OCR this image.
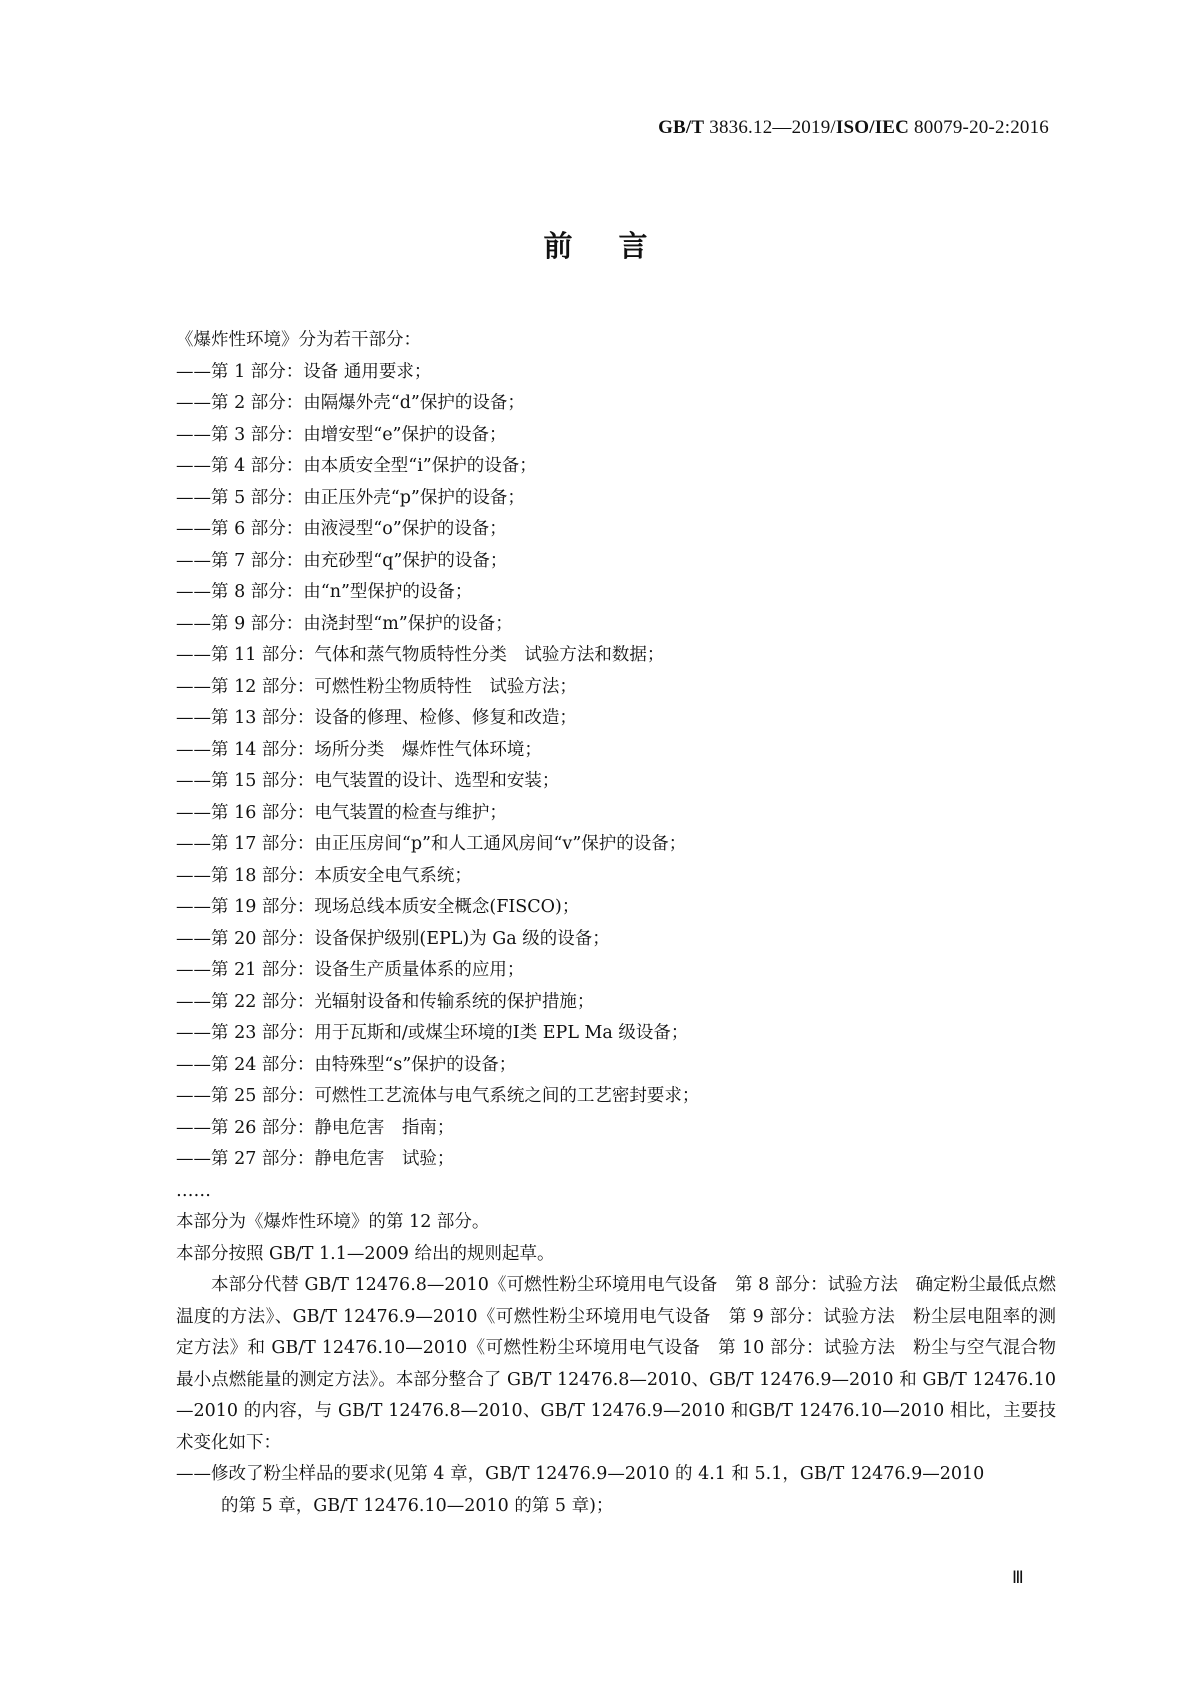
GB/T 3836.12—2019/ISO/IEC 80079-20-2:2016
前言
《爆炸性环境》分为若干部分：
——第 1 部分：设备 通用要求；
——第 2 部分：由隔爆外壳“d”保护的设备；
——第 3 部分：由增安型“e”保护的设备；
——第 4 部分：由本质安全型“i”保护的设备；
——第 5 部分：由正压外壳“p”保护的设备；
——第 6 部分：由液浸型“o”保护的设备；
——第 7 部分：由充砂型“q”保护的设备；
——第 8 部分：由“n”型保护的设备；
——第 9 部分：由浇封型“m”保护的设备；
——第 11 部分：气体和蒸气物质特性分类　试验方法和数据；
——第 12 部分：可燃性粉尘物质特性　试验方法；
——第 13 部分：设备的修理、检修、修复和改造；
——第 14 部分：场所分类　爆炸性气体环境；
——第 15 部分：电气装置的设计、选型和安装；
——第 16 部分：电气装置的检查与维护；
——第 17 部分：由正压房间“p”和人工通风房间“v”保护的设备；
——第 18 部分：本质安全电气系统；
——第 19 部分：现场总线本质安全概念(FISCO)；
——第 20 部分：设备保护级别(EPL)为 Ga 级的设备；
——第 21 部分：设备生产质量体系的应用；
——第 22 部分：光辐射设备和传输系统的保护措施；
——第 23 部分：用于瓦斯和/或煤尘环境的Ⅰ类 EPL Ma 级设备；
——第 24 部分：由特殊型“s”保护的设备；
——第 25 部分：可燃性工艺流体与电气系统之间的工艺密封要求；
——第 26 部分：静电危害　指南；
——第 27 部分：静电危害　试验；
……
本部分为《爆炸性环境》的第 12 部分。
本部分按照 GB/T 1.1—2009 给出的规则起草。
本部分代替 GB/T 12476.8—2010《可燃性粉尘环境用电气设备　第 8 部分：试验方法　确定粉尘最低点燃温度的方法》、GB/T 12476.9—2010《可燃性粉尘环境用电气设备　第 9 部分：试验方法　粉尘层电阻率的测定方法》和 GB/T 12476.10—2010《可燃性粉尘环境用电气设备　第 10 部分：试验方法　粉尘与空气混合物最小点燃能量的测定方法》。本部分整合了 GB/T 12476.8—2010、GB/T 12476.9—2010 和 GB/T 12476.10—2010 的内容，与 GB/T 12476.8—2010、GB/T 12476.9—2010 和GB/T 12476.10—2010 相比，主要技术变化如下：
——修改了粉尘样品的要求(见第 4 章，GB/T 12476.9—2010 的 4.1 和 5.1，GB/T 12476.9—2010
的第 5 章，GB/T 12476.10—2010 的第 5 章)；
Ⅲ
